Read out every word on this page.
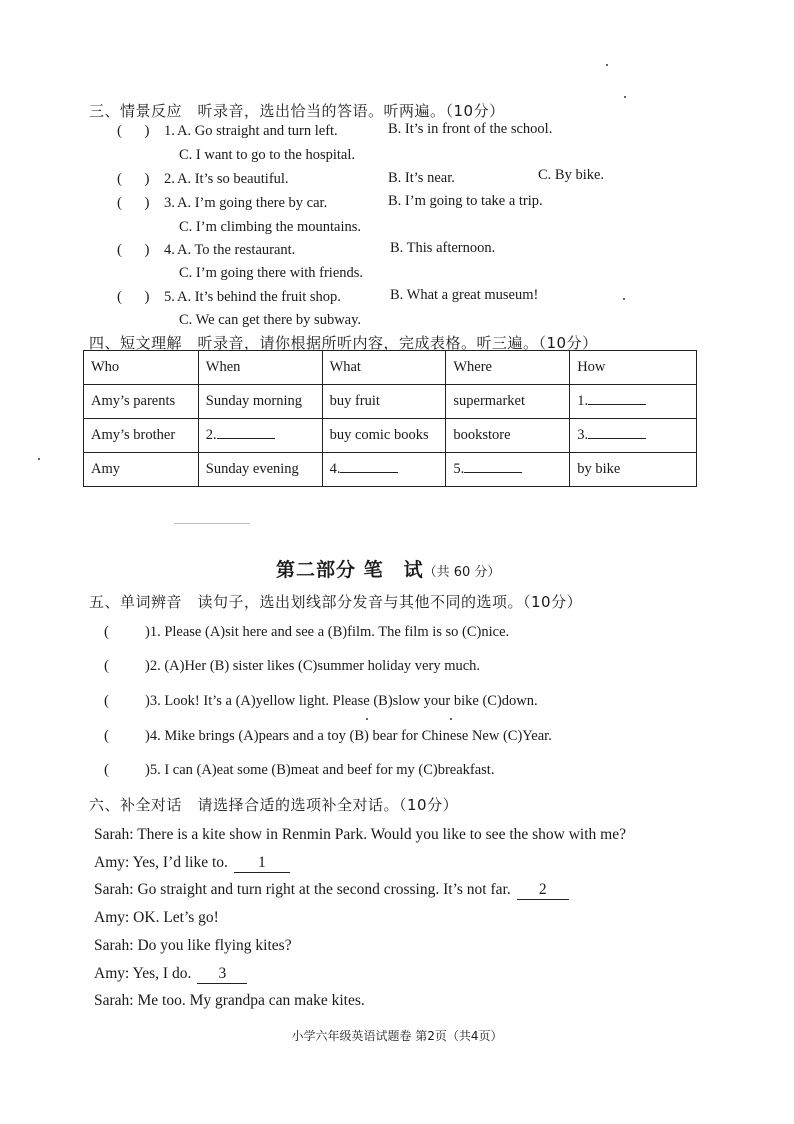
三、情景反应　听录音，选出恰当的答语。听两遍。（10分）
(      ) 1. A. Go straight and turn left.	B. It’s in front of the school.
C. I want to go to the hospital.
(      ) 2. A. It’s so beautiful.	B. It’s near.	C. By bike.
(      ) 3. A. I’m going there by car.	B. I’m going to take a trip.
C. I’m climbing the mountains.
(      ) 4. A. To the restaurant.	B. This afternoon.
C. I’m going there with friends.
(      ) 5. A. It’s behind the fruit shop.	B. What a great museum!
C. We can get there by subway.
四、短文理解　听录音，请你根据所听内容，完成表格。听三遍。（10分）
Who	When	What	Where	How
Amy’s parents	Sunday morning	buy fruit	supermarket	1.
Amy’s brother	2.	buy comic books	bookstore	3.
Amy	Sunday evening	4.	5.	by bike
第二部分 笔　试（共 60 分）
五、单词辨音　读句子，选出划线部分发音与其他不同的选项。（10分）
( )1. Please (A)sit here and see a (B)film. The film is so (C)nice.
( )2. (A)Her (B) sister likes (C)summer holiday very much.
( )3. Look! It’s a (A)yellow light. Please (B)slow your bike (C)down.
( )4. Mike brings (A)pears and a toy (B) bear for Chinese New (C)Year.
( )5. I can (A)eat some (B)meat and beef for my (C)breakfast.
六、补全对话　请选择合适的选项补全对话。（10分）
Sarah: There is a kite show in Renmin Park. Would you like to see the show with me?
Amy: Yes, I’d like to. 1
Sarah: Go straight and turn right at the second crossing. It’s not far. 2
Amy: OK. Let’s go!
Sarah: Do you like flying kites?
Amy: Yes, I do. 3
Sarah: Me too. My grandpa can make kites.
小学六年级英语试题卷 第2页（共4页）
